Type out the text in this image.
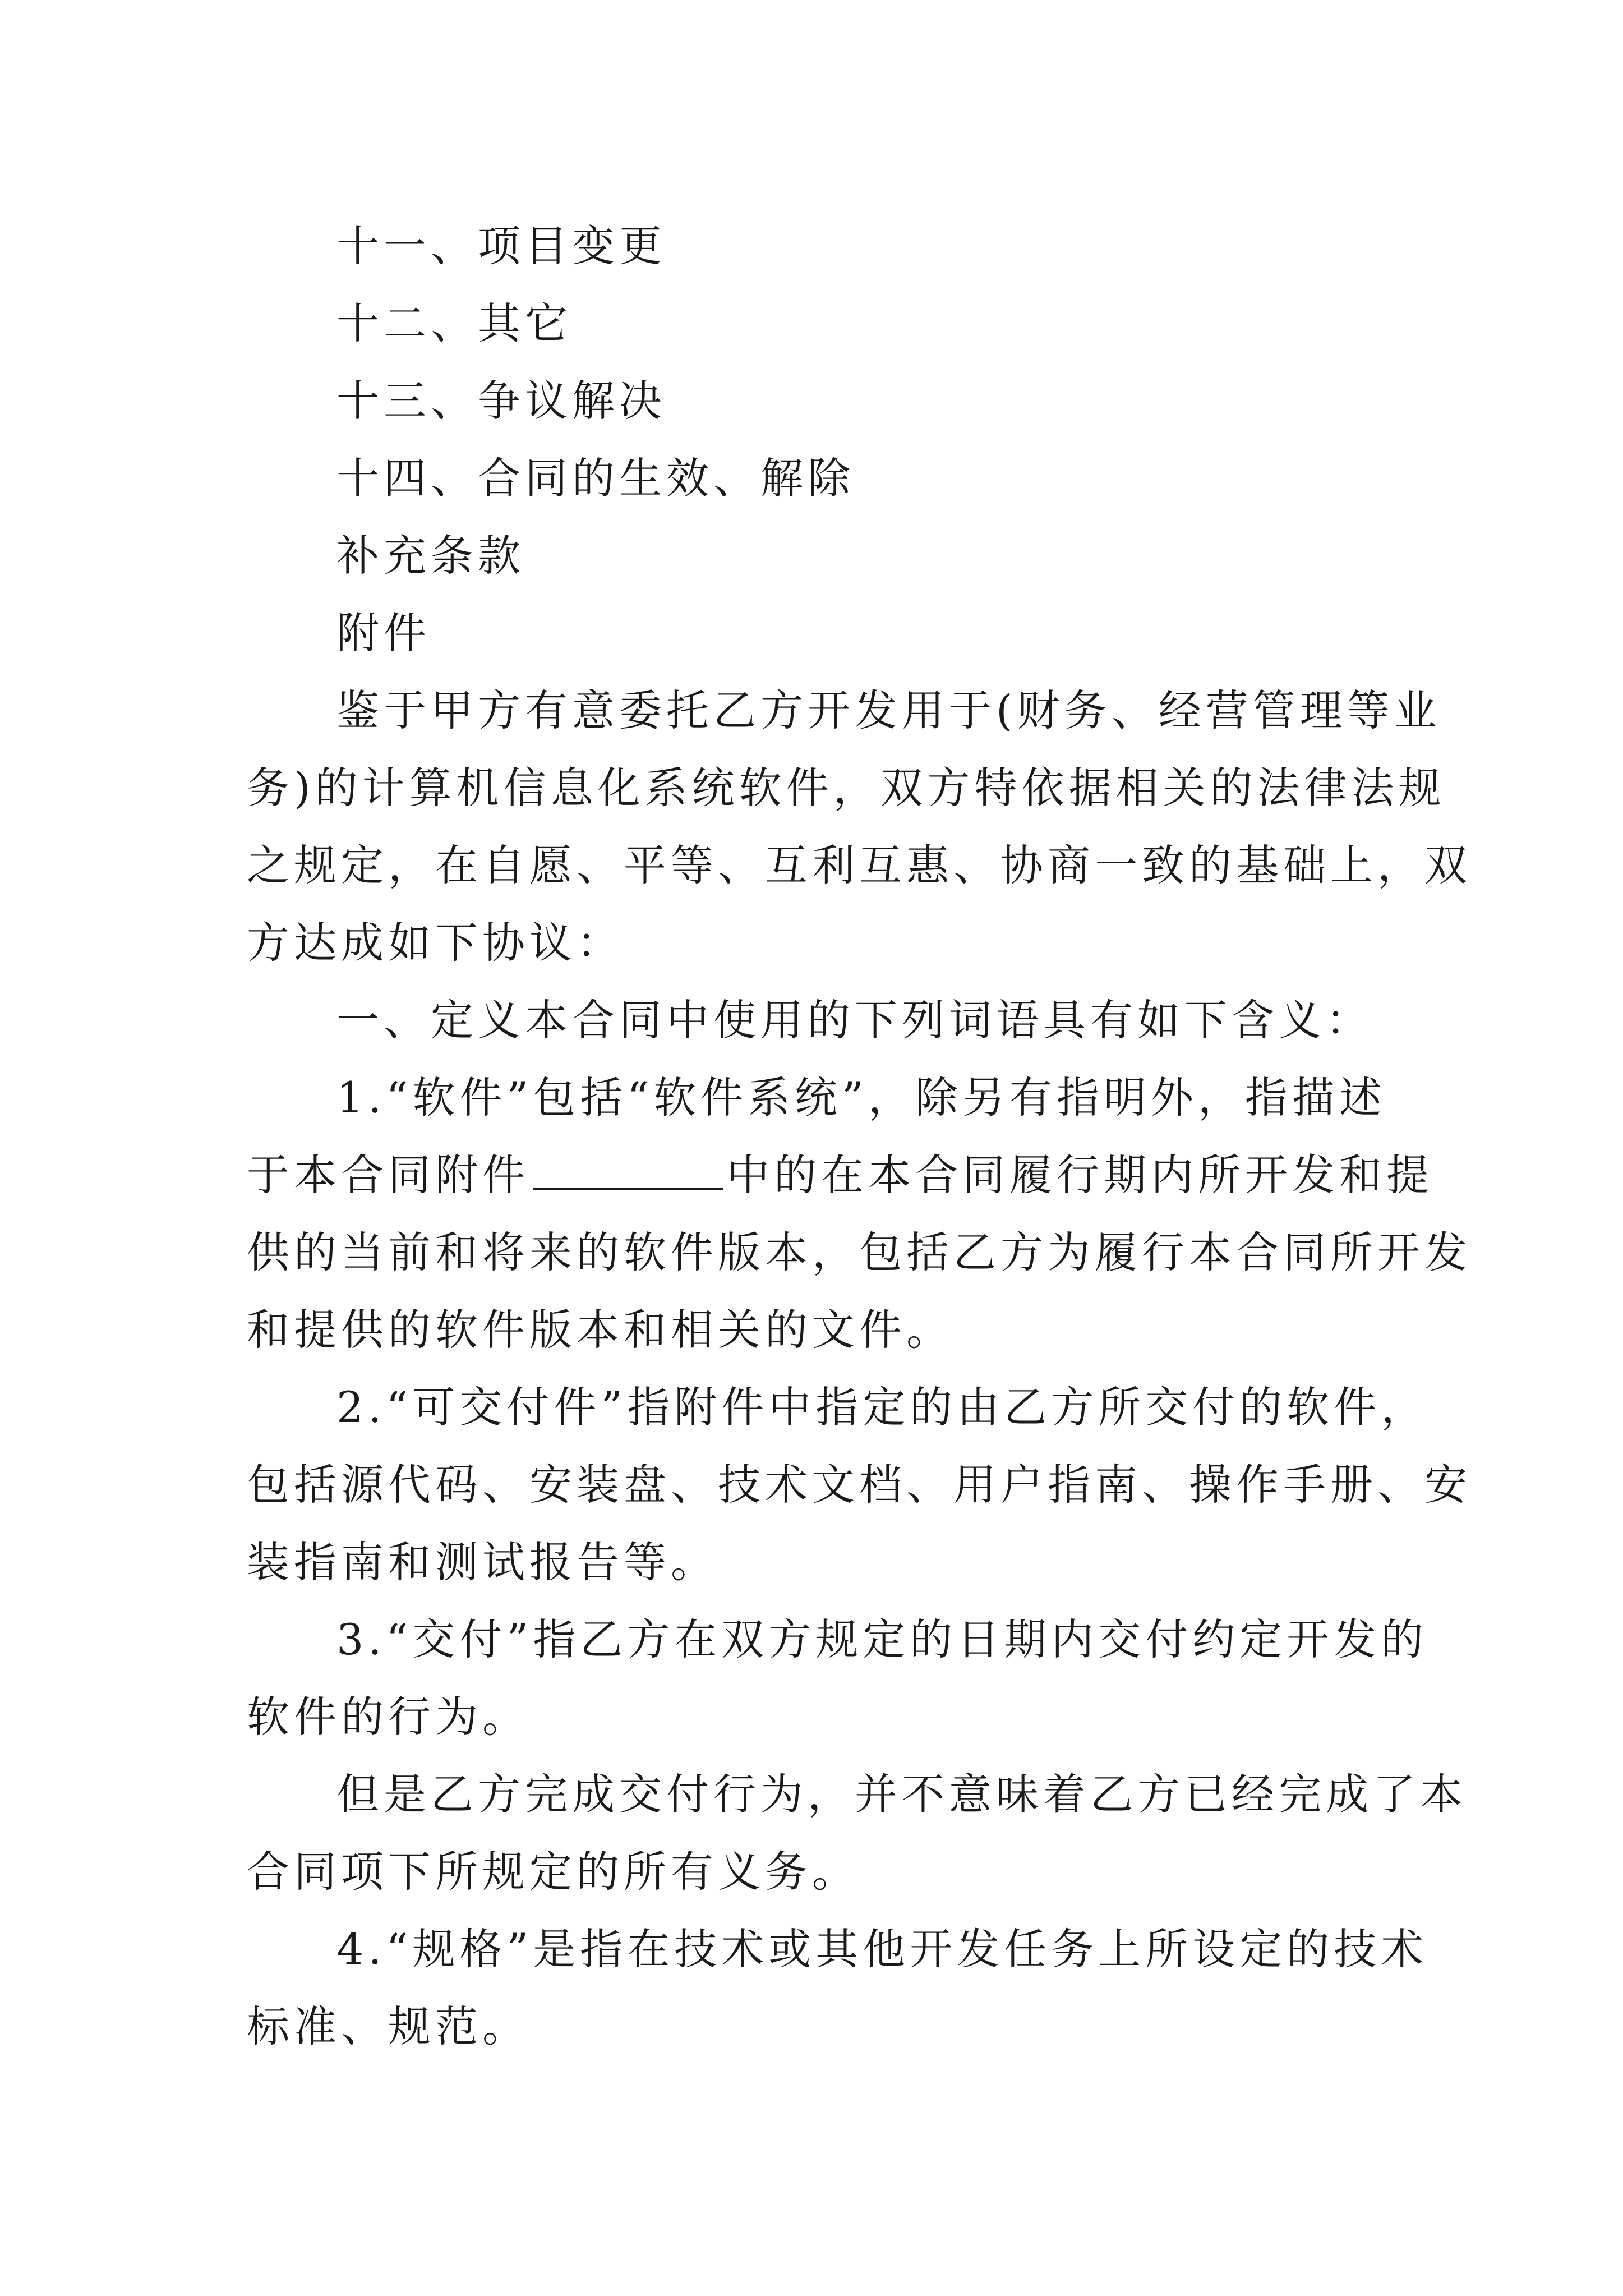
十一、项目变更

十二、其它

十三、争议解决

十四、合同的生效、解除

补充条款

附件

鉴于甲方有意委托乙方开发用于(财务、经营管理等业

务)的计算机信息化系统软件，双方特依据相关的法律法规

之规定，在自愿、平等、互利互惠、协商一致的基础上，双

方达成如下协议：

一、定义本合同中使用的下列词语具有如下含义：

1.“软件”包括“软件系统”，除另有指明外，指描述

于本合同附件	中的在本合同履行期内所开发和提

供的当前和将来的软件版本，包括乙方为履行本合同所开发

和提供的软件版本和相关的文件。

2.“可交付件”指附件中指定的由乙方所交付的软件，

包括源代码、安装盘、技术文档、用户指南、操作手册、安

装指南和测试报告等。

3.“交付”指乙方在双方规定的日期内交付约定开发的

软件的行为。

但是乙方完成交付行为，并不意味着乙方已经完成了本

合同项下所规定的所有义务。

4.“规格”是指在技术或其他开发任务上所设定的技术

标准、规范。
